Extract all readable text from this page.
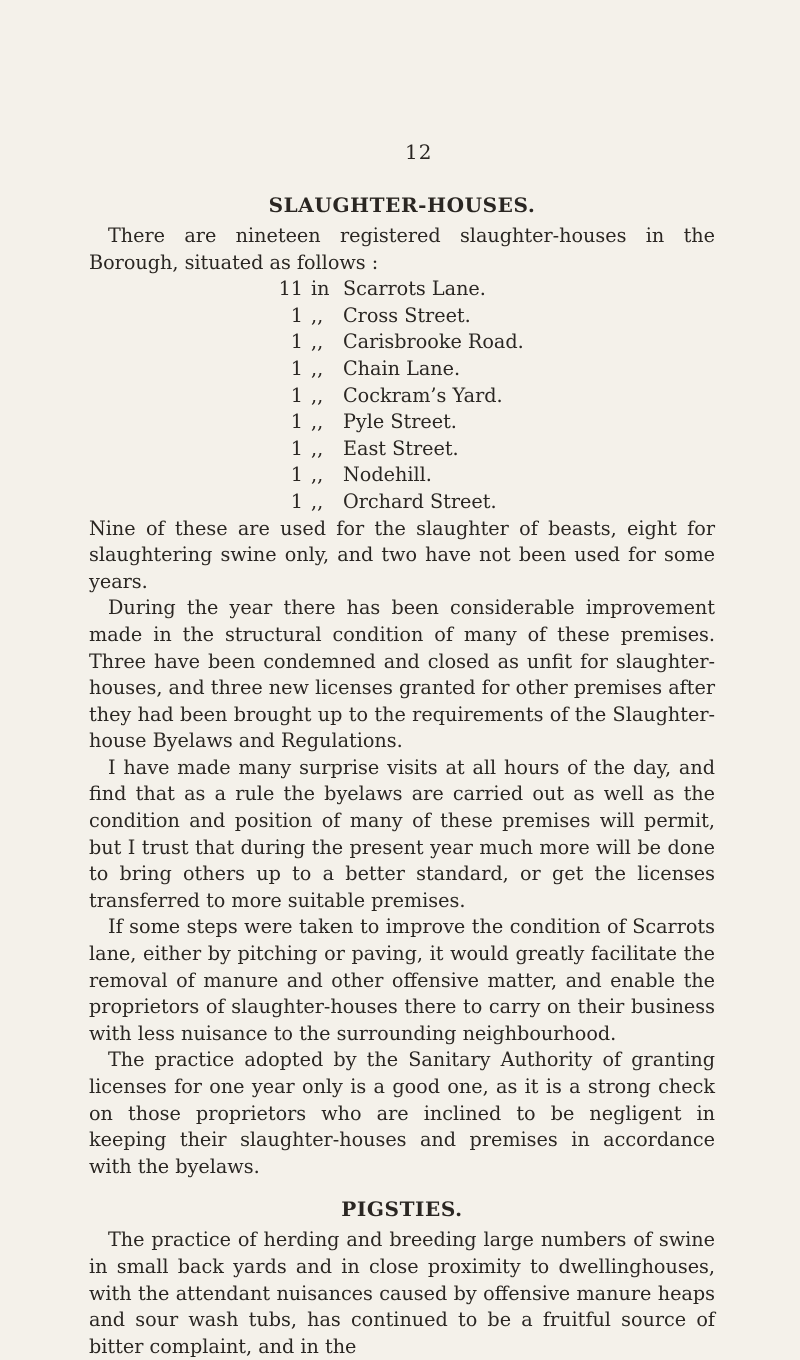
12
SLAUGHTER-HOUSES.

There are nineteen registered slaughter-houses in the Borough, situated as follows :

11 in Scarrots Lane.
1 ,,	Cross Street.
1 ,,	Carisbrooke Road.
1 ,,	Chain Lane.
1 ,,	Cockram’s Yard.
1 ,,	Pyle Street.
1 ,,	East Street.
1 ,,	Nodehill.
1 ,,	Orchard Street.

Nine of these are used for the slaughter of beasts, eight for slaughtering swine only, and two have not been used for some years.

During the year there has been considerable improvement made in the structural condition of many of these premises. Three have been condemned and closed as unfit for slaughter-houses, and three new licenses granted for other premises after they had been brought up to the requirements of the Slaughter-house Byelaws and Regulations.

I have made many surprise visits at all hours of the day, and find that as a rule the byelaws are carried out as well as the condition and position of many of these premises will permit, but I trust that during the present year much more will be done to bring others up to a better standard, or get the licenses transferred to more suitable premises.

If some steps were taken to improve the condition of Scarrots lane, either by pitching or paving, it would greatly facilitate the removal of manure and other offensive matter, and enable the proprietors of slaughter-houses there to carry on their business with less nuisance to the surrounding neighbourhood.

The practice adopted by the Sanitary Authority of granting licenses for one year only is a good one, as it is a strong check on those proprietors who are inclined to be negligent in keeping their slaughter-houses and premises in accordance with the byelaws.

PIGSTIES.

The practice of herding and breeding large numbers of swine in small back yards and in close proximity to dwellinghouses, with the attendant nuisances caused by offensive manure heaps and sour wash tubs, has continued to be a fruitful source of bitter complaint, and in the
